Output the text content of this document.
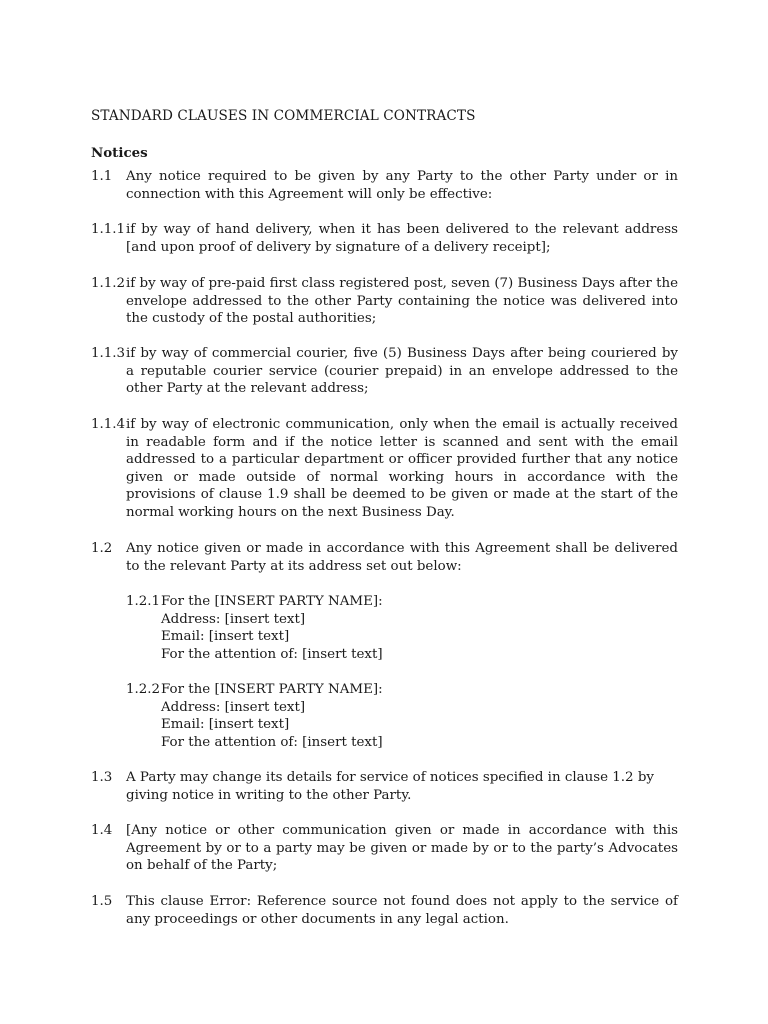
STANDARD CLAUSES IN COMMERCIAL CONTRACTS
Notices
1.1 Any notice required to be given by any Party to the other Party under or in connection with this Agreement will only be effective:
1.1.1 if by way of hand delivery, when it has been delivered to the relevant address [and upon proof of delivery by signature of a delivery receipt];
1.1.2 if by way of pre-paid first class registered post, seven (7) Business Days after the envelope addressed to the other Party containing the notice was delivered into the custody of the postal authorities;
1.1.3 if by way of commercial courier, five (5) Business Days after being couriered by a reputable courier service (courier prepaid) in an envelope addressed to the other Party at the relevant address;
1.1.4 if by way of electronic communication, only when the email is actually received in readable form and if the notice letter is scanned and sent with the email addressed to a particular department or officer provided further that any notice given or made outside of normal working hours in accordance with the provisions of clause 1.9 shall be deemed to be given or made at the start of the normal working hours on the next Business Day.
1.2 Any notice given or made in accordance with this Agreement shall be delivered to the relevant Party at its address set out below:
1.2.1 For the [INSERT PARTY NAME]:
Address: [insert text]
Email: [insert text]
For the attention of: [insert text]
1.2.2 For the [INSERT PARTY NAME]:
Address: [insert text]
Email: [insert text]
For the attention of: [insert text]
1.3 A Party may change its details for service of notices specified in clause 1.2 by giving notice in writing to the other Party.
1.4 [Any notice or other communication given or made in accordance with this Agreement by or to a party may be given or made by or to the party’s Advocates on behalf of the Party;
1.5 This clause Error: Reference source not found does not apply to the service of any proceedings or other documents in any legal action.
